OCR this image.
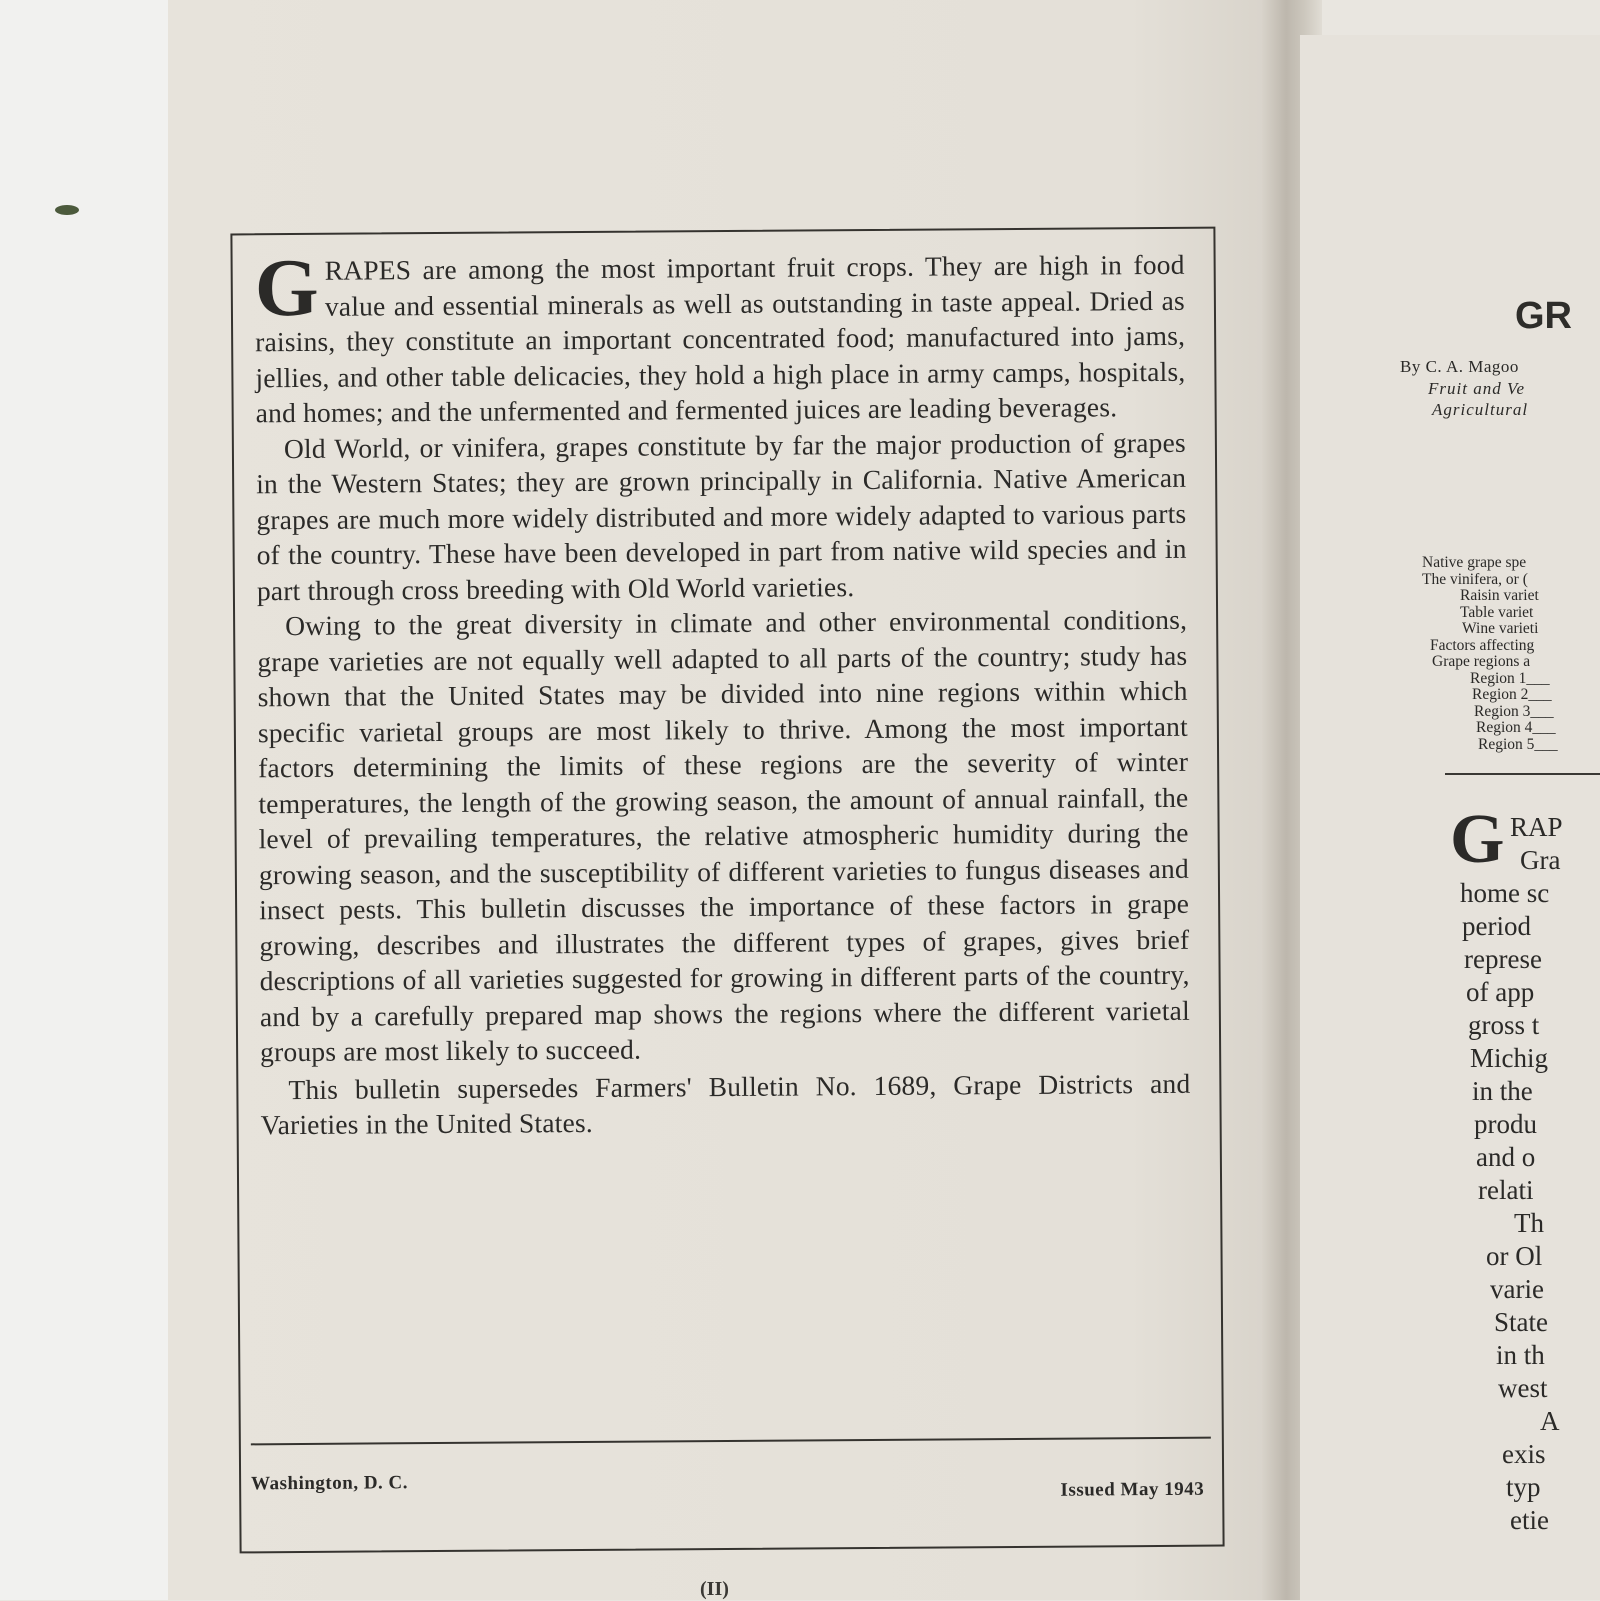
GRAPES are among the most important fruit crops. They are high in food value and essential minerals as well as outstanding in taste appeal. Dried as raisins, they constitute an important concentrated food; manufactured into jams, jellies, and other table delicacies, they hold a high place in army camps, hospitals, and homes; and the unfermented and fermented juices are leading beverages.

Old World, or vinifera, grapes constitute by far the major production of grapes in the Western States; they are grown principally in California. Native American grapes are much more widely distributed and more widely adapted to various parts of the country. These have been developed in part from native wild species and in part through cross breeding with Old World varieties.

Owing to the great diversity in climate and other environmental conditions, grape varieties are not equally well adapted to all parts of the country; study has shown that the United States may be divided into nine regions within which specific varietal groups are most likely to thrive. Among the most important factors determining the limits of these regions are the severity of winter temperatures, the length of the growing season, the amount of annual rainfall, the level of prevailing temperatures, the relative atmospheric humidity during the growing season, and the susceptibility of different varieties to fungus diseases and insect pests. This bulletin discusses the importance of these factors in grape growing, describes and illustrates the different types of grapes, gives brief descriptions of all varieties suggested for growing in different parts of the country, and by a carefully prepared map shows the regions where the different varietal groups are most likely to succeed.

This bulletin supersedes Farmers' Bulletin No. 1689, Grape Districts and Varieties in the United States.

Washington, D. C.	Issued May 1943
(II)
GR
By C. A. Magoo
Fruit and Ve
Agricultural
Native grape spe
The vinifera, or (
Raisin variet
Table variet
Wine varieti
Factors affecting
Grape regions a
Region 1___
Region 2___
Region 3___
Region 4___
Region 5___
G RAP
Gra
home sc
period
represe
of app
gross t
Michig
in the
produ
and o
relati
Th
or Ol
varie
State
in th
west
A
exis
typ
etie
